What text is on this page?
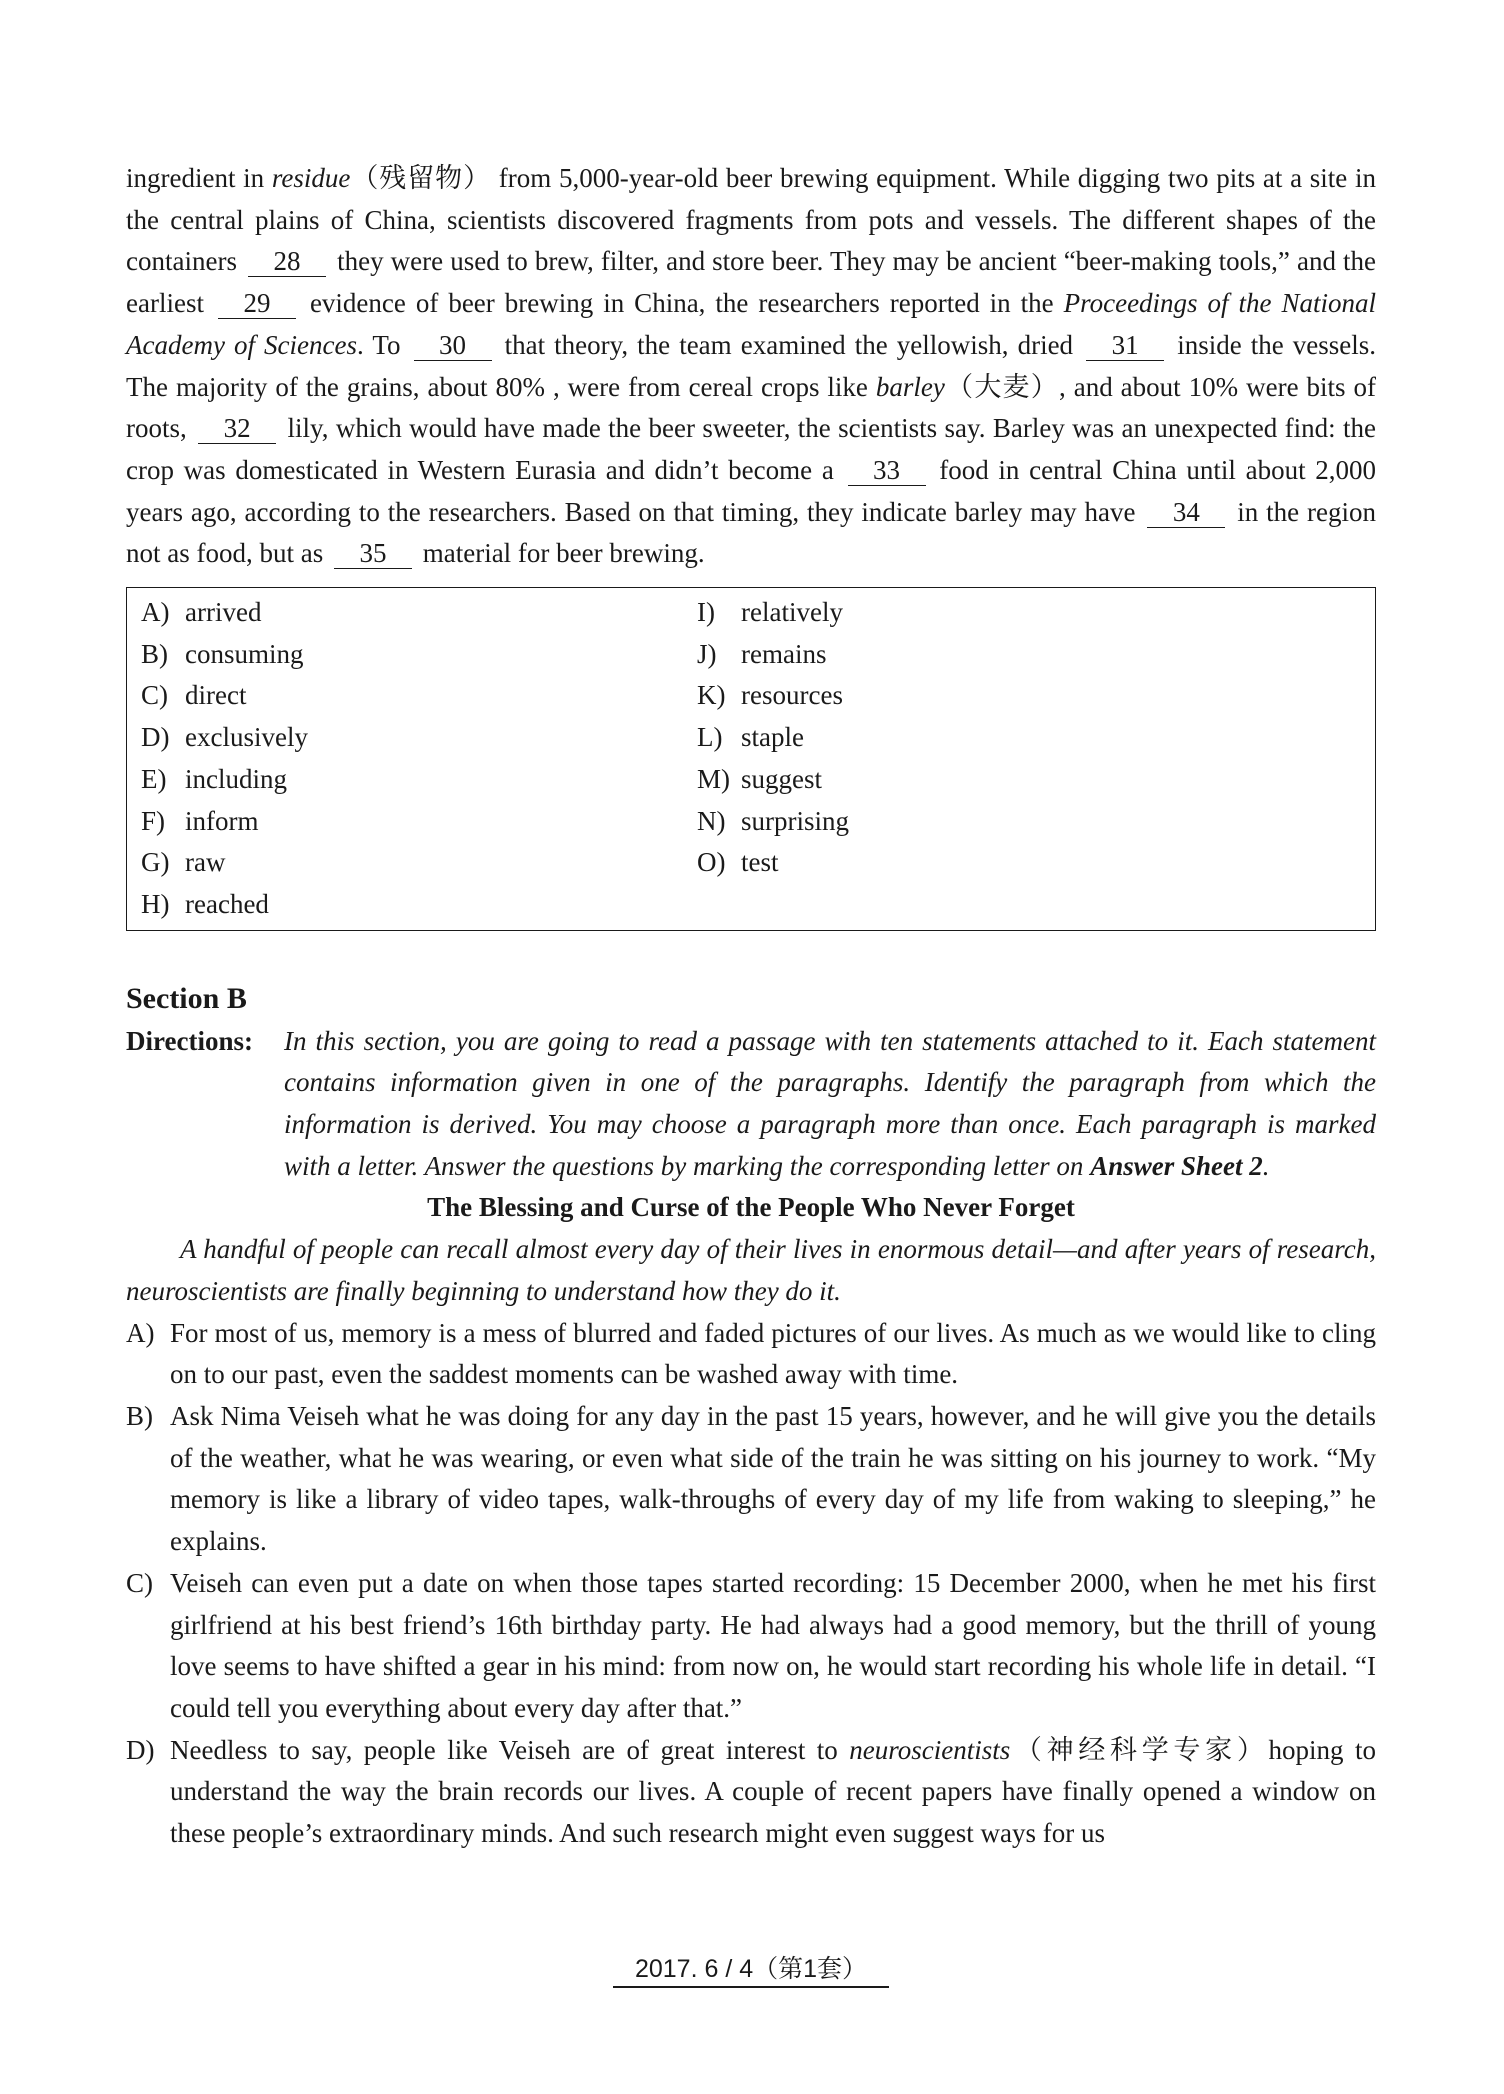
ingredient in residue（残留物） from 5,000-year-old beer brewing equipment. While digging two pits at a site in the central plains of China, scientists discovered fragments from pots and vessels. The different shapes of the containers 28 they were used to brew, filter, and store beer. They may be ancient “beer-making tools,” and the earliest 29 evidence of beer brewing in China, the researchers reported in the Proceedings of the National Academy of Sciences. To 30 that theory, the team examined the yellowish, dried 31 inside the vessels. The majority of the grains, about 80% , were from cereal crops like barley（大麦）, and about 10% were bits of roots, 32 lily, which would have made the beer sweeter, the scientists say. Barley was an unexpected find: the crop was domesticated in Western Eurasia and didn’t become a 33 food in central China until about 2,000 years ago, according to the researchers. Based on that timing, they indicate barley may have 34 in the region not as food, but as 35 material for beer brewing.

A) arrived
B) consuming
C) direct
D) exclusively
E) including
F) inform
G) raw
H) reached
I) relatively
J) remains
K) resources
L) staple
M) suggest
N) surprising
O) test
Section B
Directions:	In this section, you are going to read a passage with ten statements attached to it. Each statement contains information given in one of the paragraphs. Identify the paragraph from which the information is derived. You may choose a paragraph more than once. Each paragraph is marked with a letter. Answer the questions by marking the corresponding letter on Answer Sheet 2.
The Blessing and Curse of the People Who Never Forget

A handful of people can recall almost every day of their lives in enormous detail—and after years of research, neuroscientists are finally beginning to understand how they do it.

A) For most of us, memory is a mess of blurred and faded pictures of our lives. As much as we would like to cling on to our past, even the saddest moments can be washed away with time.
B) Ask Nima Veiseh what he was doing for any day in the past 15 years, however, and he will give you the details of the weather, what he was wearing, or even what side of the train he was sitting on his journey to work. “My memory is like a library of video tapes, walk-throughs of every day of my life from waking to sleeping,” he explains.
C) Veiseh can even put a date on when those tapes started recording: 15 December 2000, when he met his first girlfriend at his best friend’s 16th birthday party. He had always had a good memory, but the thrill of young love seems to have shifted a gear in his mind: from now on, he would start recording his whole life in detail. “I could tell you everything about every day after that.”
D) Needless to say, people like Veiseh are of great interest to neuroscientists（神经科学专家）hoping to understand the way the brain records our lives. A couple of recent papers have finally opened a window on these people’s extraordinary minds. And such research might even suggest ways for us
2017. 6 / 4（第1套）
